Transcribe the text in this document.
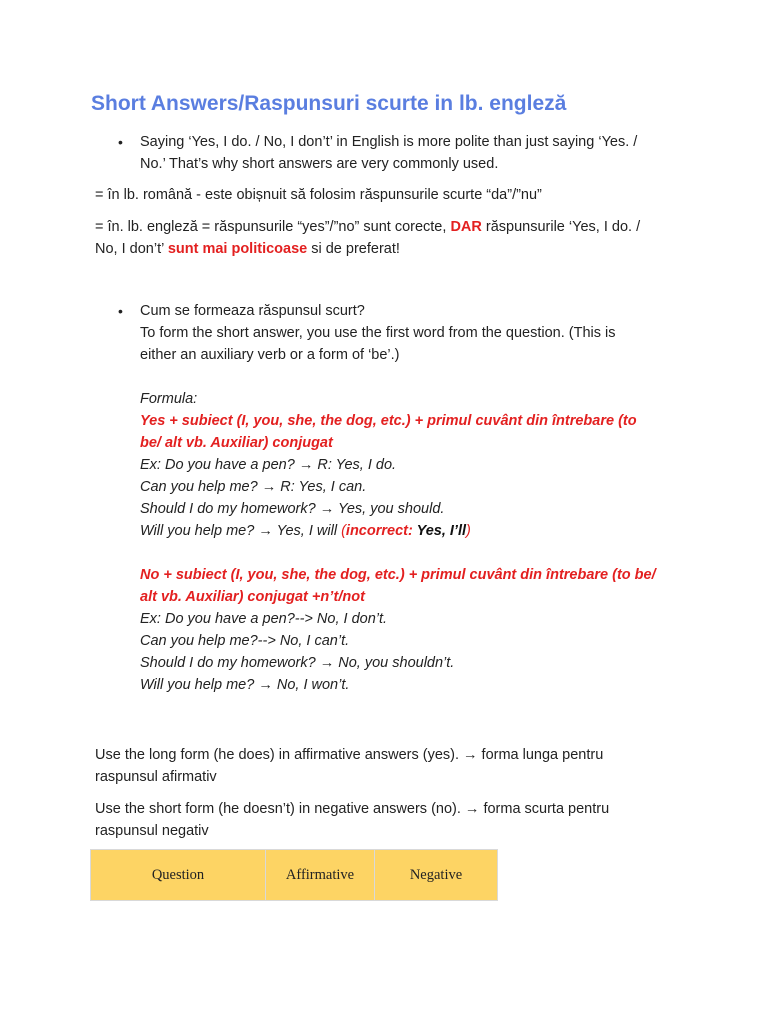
Short Answers/Raspunsuri scurte in lb. engleză
• Saying ‘Yes, I do. / No, I don’t’ in English is more polite than just saying ‘Yes. /
No.’ That’s why short answers are very commonly used.

= în lb. română - este obișnuit să folosim răspunsurile scurte “da”/”nu”

= în. lb. engleză = răspunsurile “yes”/”no” sunt corecte, DAR răspunsurile ‘Yes, I do. /
No, I don’t’ sunt mai politicoase si de preferat!

• Cum se formeaza răspunsul scurt?
To form the short answer, you use the first word from the question. (This is
either an auxiliary verb or a form of ‘be’.)

Formula:
Yes + subiect (I, you, she, the dog, etc.) + primul cuvânt din întrebare (to
be/ alt vb. Auxiliar) conjugat
Ex: Do you have a pen? → R: Yes, I do.
Can you help me? → R: Yes, I can.
Should I do my homework? → Yes, you should.
Will you help me? → Yes, I will (incorrect: Yes, I’ll)

No + subiect (I, you, she, the dog, etc.) + primul cuvânt din întrebare (to be/
alt vb. Auxiliar) conjugat +n’t/not
Ex: Do you have a pen?--> No, I don’t.
Can you help me?--> No, I can’t.
Should I do my homework? → No, you shouldn’t.
Will you help me? → No, I won’t.

Use the long form (he does) in affirmative answers (yes). → forma lunga pentru
raspunsul afirmativ

Use the short form (he doesn’t) in negative answers (no). → forma scurta pentru
raspunsul negativ

Question	Affirmative	Negative
